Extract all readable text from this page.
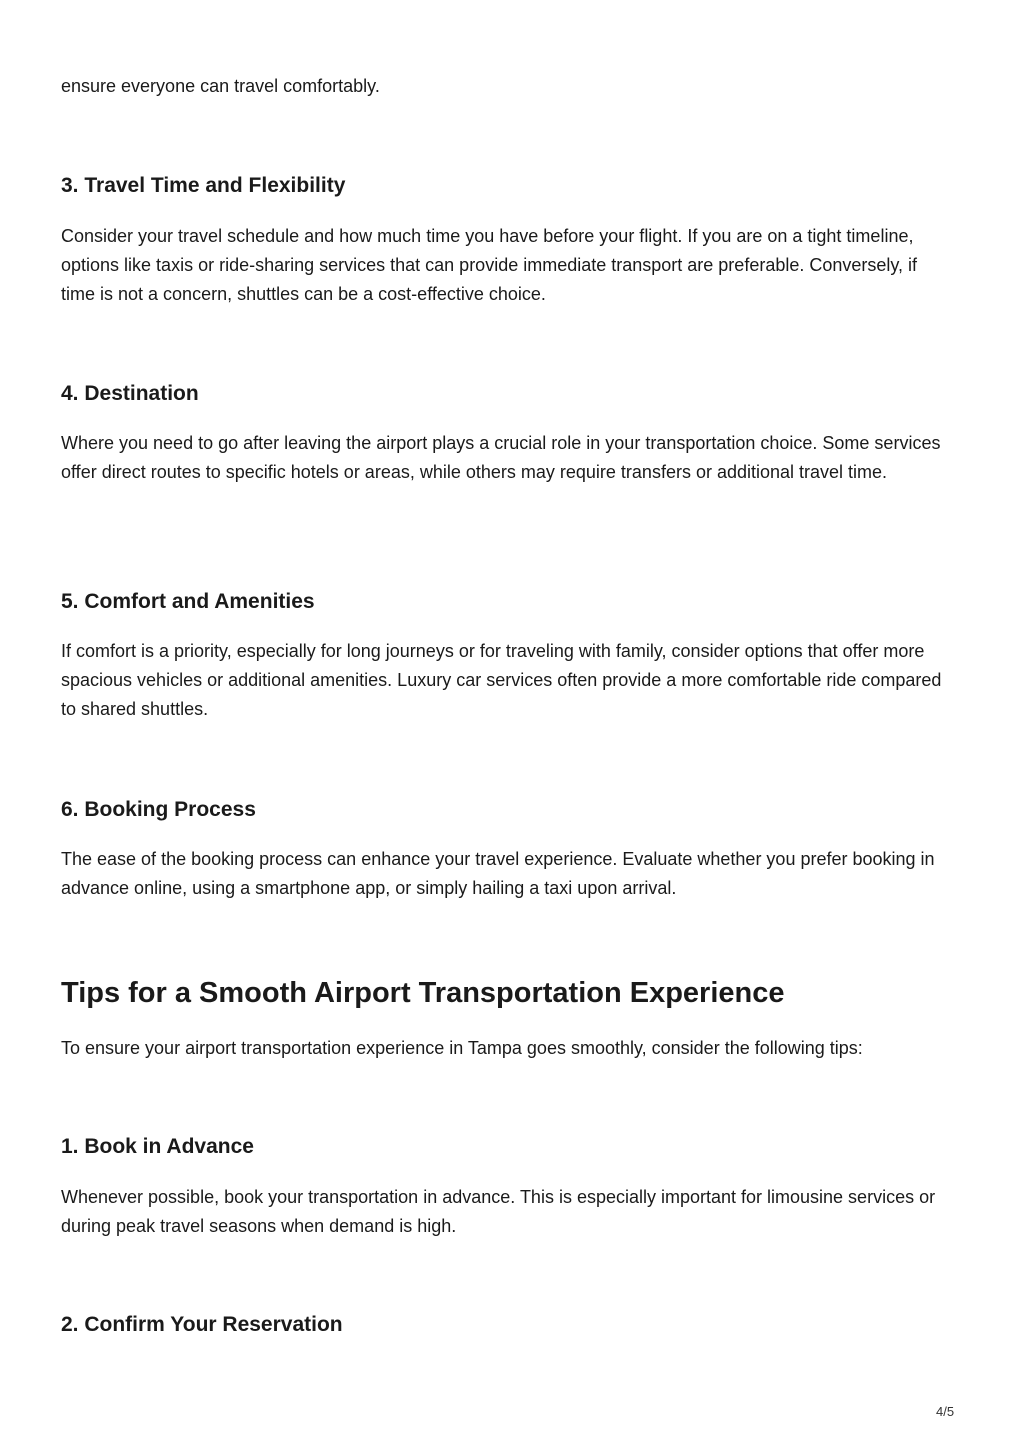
ensure everyone can travel comfortably.

3. Travel Time and Flexibility

Consider your travel schedule and how much time you have before your flight. If you are on a tight timeline, options like taxis or ride-sharing services that can provide immediate transport are preferable. Conversely, if time is not a concern, shuttles can be a cost-effective choice.

4. Destination

Where you need to go after leaving the airport plays a crucial role in your transportation choice. Some services offer direct routes to specific hotels or areas, while others may require transfers or additional travel time.

5. Comfort and Amenities

If comfort is a priority, especially for long journeys or for traveling with family, consider options that offer more spacious vehicles or additional amenities. Luxury car services often provide a more comfortable ride compared to shared shuttles.

6. Booking Process

The ease of the booking process can enhance your travel experience. Evaluate whether you prefer booking in advance online, using a smartphone app, or simply hailing a taxi upon arrival.

Tips for a Smooth Airport Transportation Experience

To ensure your airport transportation experience in Tampa goes smoothly, consider the following tips:

1. Book in Advance

Whenever possible, book your transportation in advance. This is especially important for limousine services or during peak travel seasons when demand is high.

2. Confirm Your Reservation
4/5
